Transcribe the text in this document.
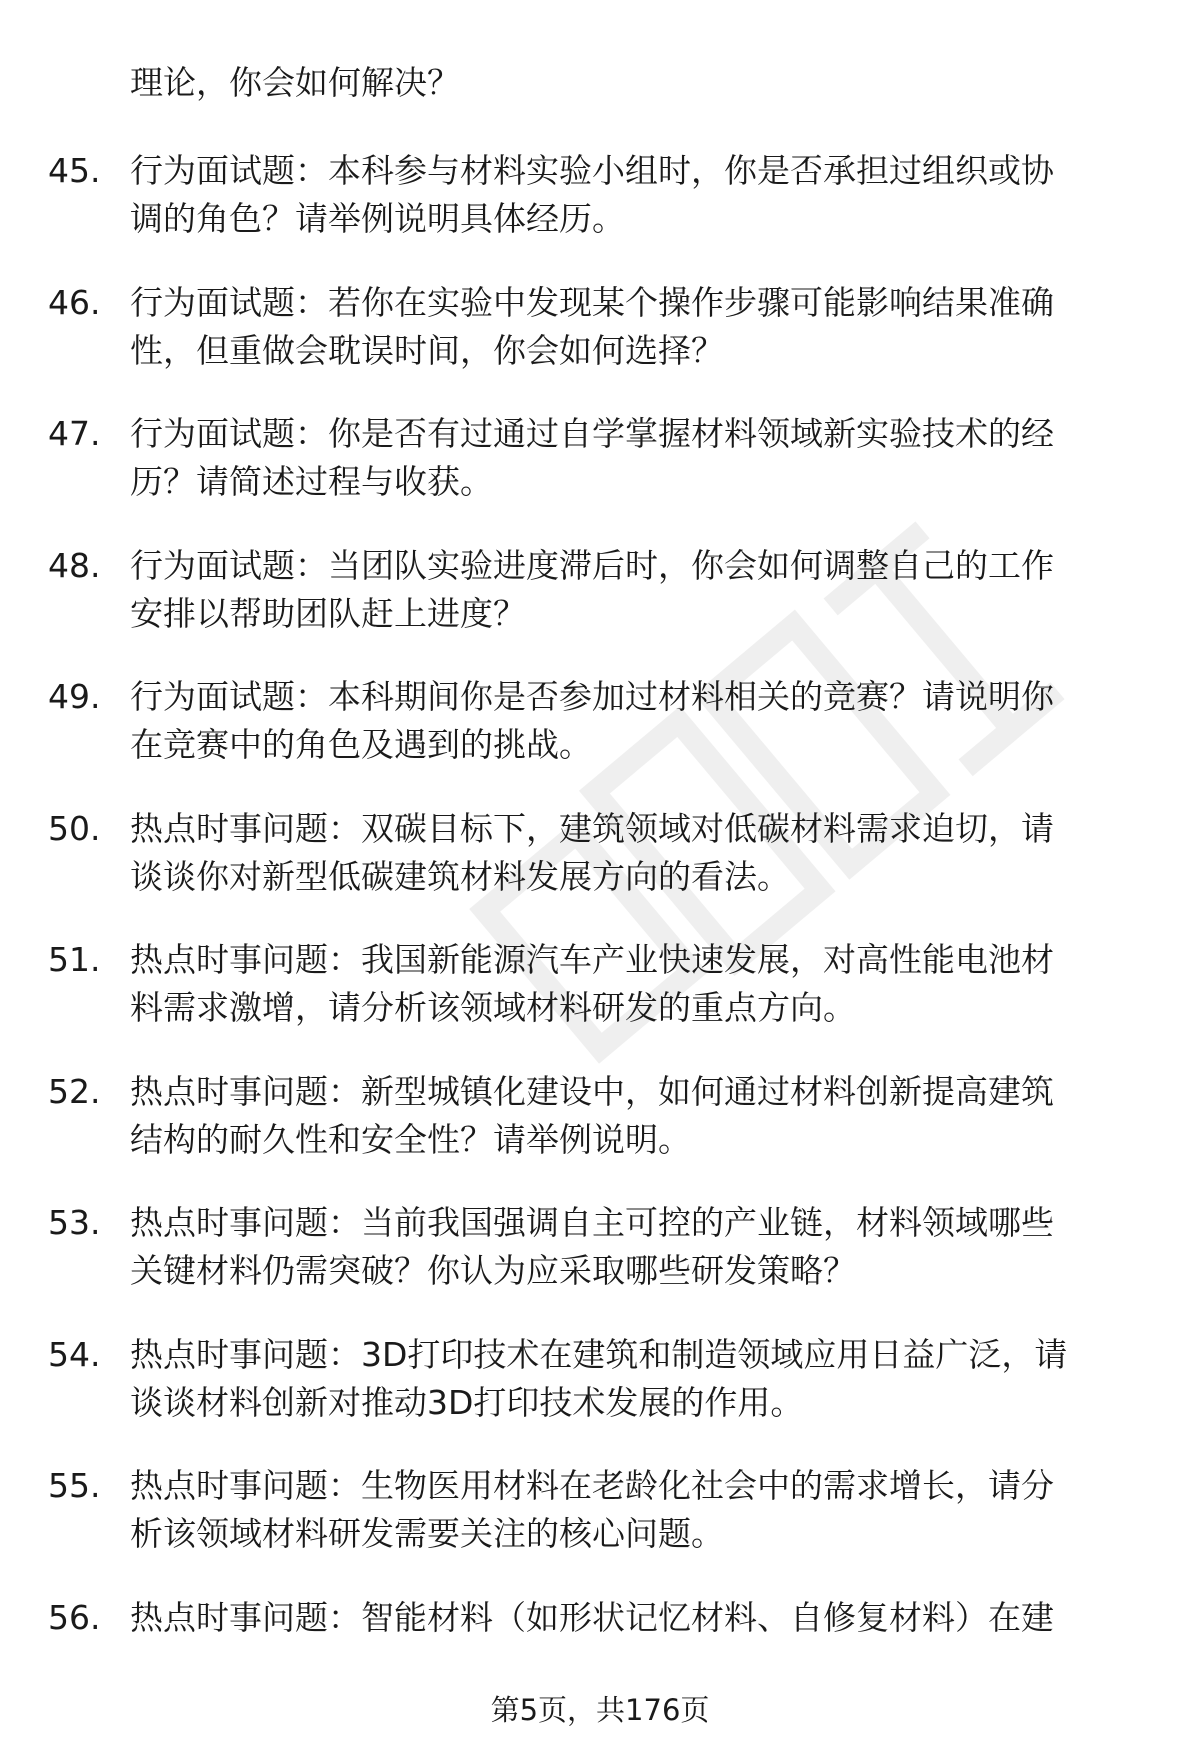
理论，你会如何解决？
45. 行为面试题：本科参与材料实验小组时，你是否承担过组织或协
调的角色？请举例说明具体经历。
46. 行为面试题：若你在实验中发现某个操作步骤可能影响结果准确
性，但重做会耽误时间，你会如何选择？
47. 行为面试题：你是否有过通过自学掌握材料领域新实验技术的经
历？请简述过程与收获。
48. 行为面试题：当团队实验进度滞后时，你会如何调整自己的工作
安排以帮助团队赶上进度？
49. 行为面试题：本科期间你是否参加过材料相关的竞赛？请说明你
在竞赛中的角色及遇到的挑战。
50. 热点时事问题：双碳目标下，建筑领域对低碳材料需求迫切，请
谈谈你对新型低碳建筑材料发展方向的看法。
51. 热点时事问题：我国新能源汽车产业快速发展，对高性能电池材
料需求激增，请分析该领域材料研发的重点方向。
52. 热点时事问题：新型城镇化建设中，如何通过材料创新提高建筑
结构的耐久性和安全性？请举例说明。
53. 热点时事问题：当前我国强调自主可控的产业链，材料领域哪些
关键材料仍需突破？你认为应采取哪些研发策略？
54. 热点时事问题：3D打印技术在建筑和制造领域应用日益广泛，请
谈谈材料创新对推动3D打印技术发展的作用。
55. 热点时事问题：生物医用材料在老龄化社会中的需求增长，请分
析该领域材料研发需要关注的核心问题。
56. 热点时事问题：智能材料（如形状记忆材料、自修复材料）在建
第5页，共176页
